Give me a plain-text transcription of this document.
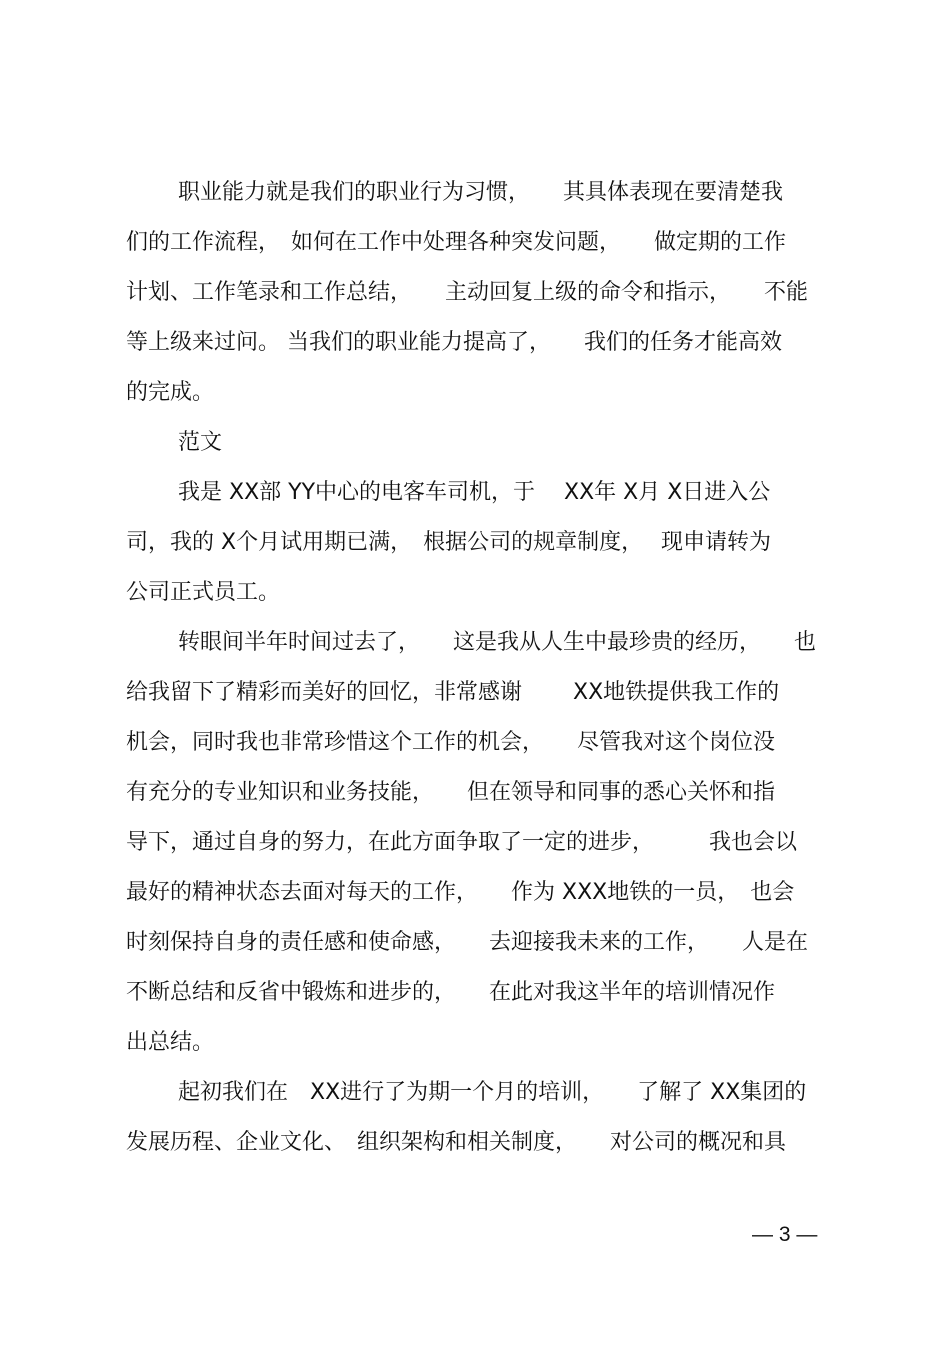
职业能力就是我们的职业行为习惯，　　其具体表现在要清楚我
们的工作流程，　如何在工作中处理各种突发问题，　　做定期的工作
计划、工作笔录和工作总结，　　主动回复上级的命令和指示，　　不能
等上级来过问。 当我们的职业能力提高了，　　我们的任务才能高效
的完成。
范文
我是 XX部 YY中心的电客车司机，于　 XX年 X月 X日进入公
司，我的 X个月试用期已满，　根据公司的规章制度，　 现申请转为
公司正式员工。
转眼间半年时间过去了，　　这是我从人生中最珍贵的经历，　　也
给我留下了精彩而美好的回忆，非常感谢　　 XX地铁提供我工作的
机会，同时我也非常珍惜这个工作的机会，　　尽管我对这个岗位没
有充分的专业知识和业务技能，　　但在领导和同事的悉心关怀和指
导下，通过自身的努力，在此方面争取了一定的进步，　　　我也会以
最好的精神状态去面对每天的工作，　　作为 XXX地铁的一员，　也会
时刻保持自身的责任感和使命感，　　去迎接我未来的工作，　　人是在
不断总结和反省中锻炼和进步的，　　在此对我这半年的培训情况作
出总结。
起初我们在　XX进行了为期一个月的培训，　　了解了 XX集团的
发展历程、企业文化、　组织架构和相关制度，　　对公司的概况和具
— 3 —
